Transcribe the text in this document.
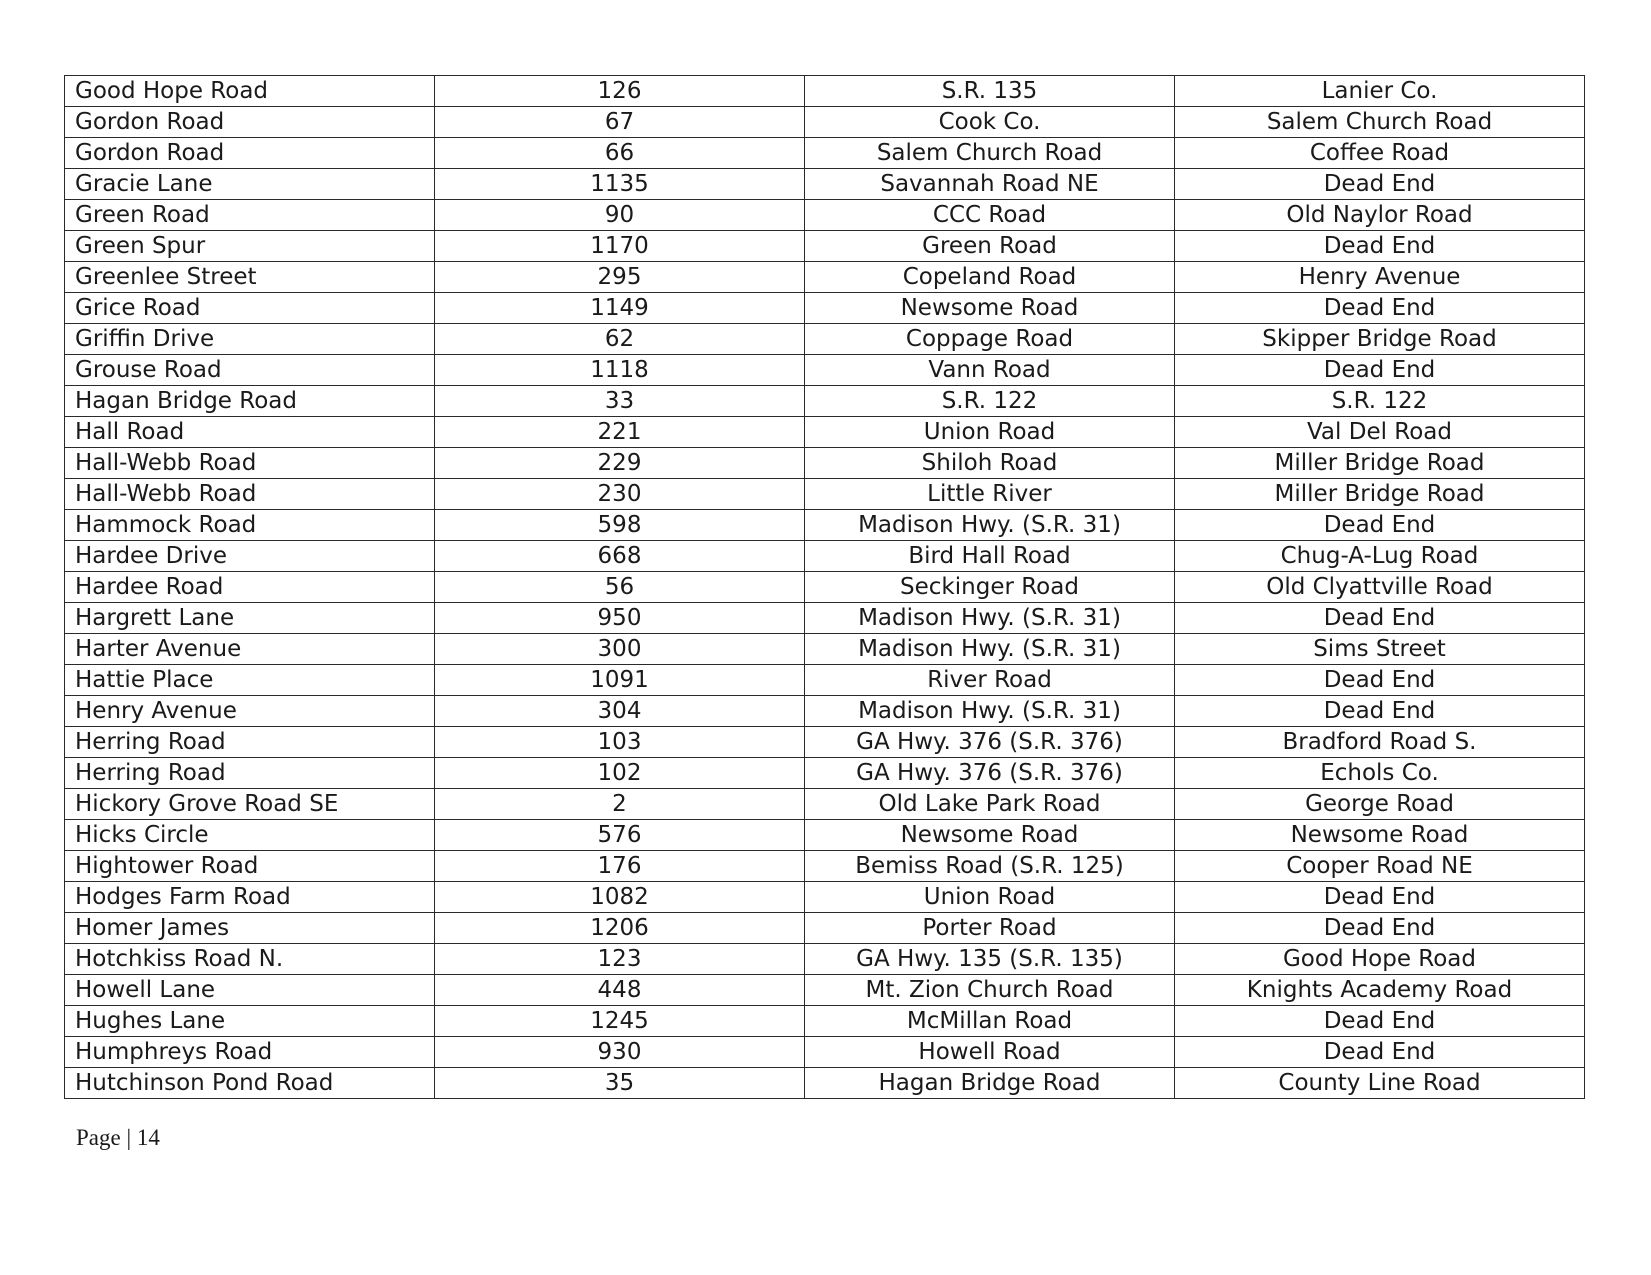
Good Hope Road	126	S.R. 135	Lanier Co.
Gordon Road	67	Cook Co.	Salem Church Road
Gordon Road	66	Salem Church Road	Coffee Road
Gracie Lane	1135	Savannah Road NE	Dead End
Green Road	90	CCC Road	Old Naylor Road
Green Spur	1170	Green Road	Dead End
Greenlee Street	295	Copeland Road	Henry Avenue
Grice Road	1149	Newsome Road	Dead End
Griffin Drive	62	Coppage Road	Skipper Bridge Road
Grouse Road	1118	Vann Road	Dead End
Hagan Bridge Road	33	S.R. 122	S.R. 122
Hall Road	221	Union Road	Val Del Road
Hall-Webb Road	229	Shiloh Road	Miller Bridge Road
Hall-Webb Road	230	Little River	Miller Bridge Road
Hammock Road	598	Madison Hwy. (S.R. 31)	Dead End
Hardee Drive	668	Bird Hall Road	Chug-A-Lug Road
Hardee Road	56	Seckinger Road	Old Clyattville Road
Hargrett Lane	950	Madison Hwy. (S.R. 31)	Dead End
Harter Avenue	300	Madison Hwy. (S.R. 31)	Sims Street
Hattie Place	1091	River Road	Dead End
Henry Avenue	304	Madison Hwy. (S.R. 31)	Dead End
Herring Road	103	GA Hwy. 376 (S.R. 376)	Bradford Road S.
Herring Road	102	GA Hwy. 376 (S.R. 376)	Echols Co.
Hickory Grove Road SE	2	Old Lake Park Road	George Road
Hicks Circle	576	Newsome Road	Newsome Road
Hightower Road	176	Bemiss Road (S.R. 125)	Cooper Road NE
Hodges Farm Road	1082	Union Road	Dead End
Homer James	1206	Porter Road	Dead End
Hotchkiss Road N.	123	GA Hwy. 135 (S.R. 135)	Good Hope Road
Howell Lane	448	Mt. Zion Church Road	Knights Academy Road
Hughes Lane	1245	McMillan Road	Dead End
Humphreys Road	930	Howell Road	Dead End
Hutchinson Pond Road	35	Hagan Bridge Road	County Line Road
Page | 14
